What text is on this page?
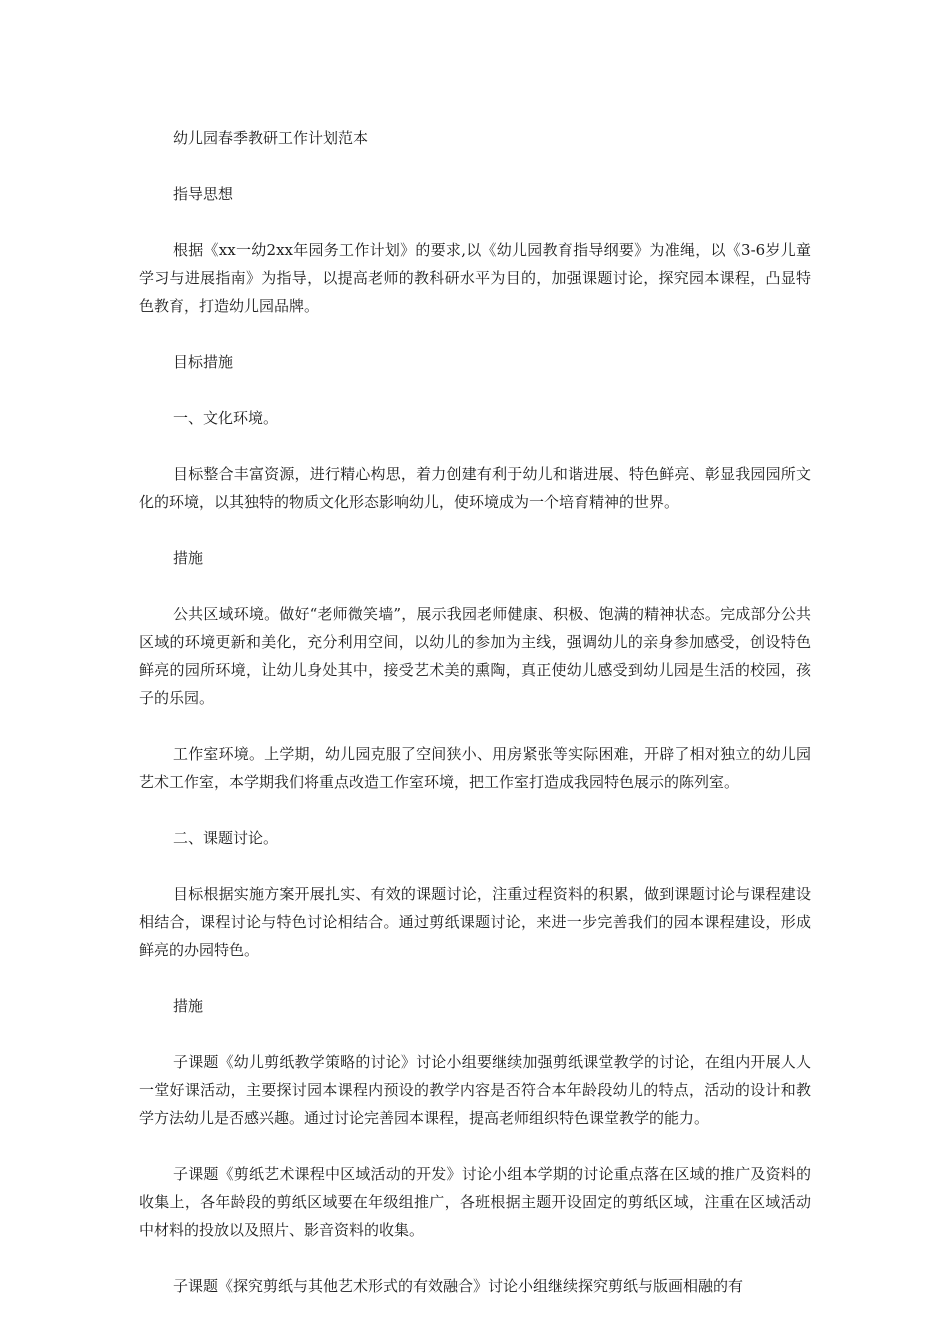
幼儿园春季教研工作计划范本

指导思想

根据《xx一幼2xx年园务工作计划》的要求,以《幼儿园教育指导纲要》为准绳，以《3-6岁儿童学习与进展指南》为指导，以提高老师的教科研水平为目的，加强课题讨论，探究园本课程，凸显特色教育，打造幼儿园品牌。

目标措施

一、文化环境。

目标整合丰富资源，进行精心构思，着力创建有利于幼儿和谐进展、特色鲜亮、彰显我园园所文化的环境，以其独特的物质文化形态影响幼儿，使环境成为一个培育精神的世界。

措施

公共区域环境。做好“老师微笑墙”，展示我园老师健康、积极、饱满的精神状态。完成部分公共区域的环境更新和美化，充分利用空间，以幼儿的参加为主线，强调幼儿的亲身参加感受，创设特色鲜亮的园所环境，让幼儿身处其中，接受艺术美的熏陶，真正使幼儿感受到幼儿园是生活的校园，孩子的乐园。

工作室环境。上学期，幼儿园克服了空间狭小、用房紧张等实际困难，开辟了相对独立的幼儿园艺术工作室，本学期我们将重点改造工作室环境，把工作室打造成我园特色展示的陈列室。

二、课题讨论。

目标根据实施方案开展扎实、有效的课题讨论，注重过程资料的积累，做到课题讨论与课程建设相结合，课程讨论与特色讨论相结合。通过剪纸课题讨论，来进一步完善我们的园本课程建设，形成鲜亮的办园特色。

措施

子课题《幼儿剪纸教学策略的讨论》讨论小组要继续加强剪纸课堂教学的讨论，在组内开展人人一堂好课活动，主要探讨园本课程内预设的教学内容是否符合本年龄段幼儿的特点，活动的设计和教学方法幼儿是否感兴趣。通过讨论完善园本课程，提高老师组织特色课堂教学的能力。

子课题《剪纸艺术课程中区域活动的开发》讨论小组本学期的讨论重点落在区域的推广及资料的收集上，各年龄段的剪纸区域要在年级组推广，各班根据主题开设固定的剪纸区域，注重在区域活动中材料的投放以及照片、影音资料的收集。

子课题《探究剪纸与其他艺术形式的有效融合》讨论小组继续探究剪纸与版画相融的有
